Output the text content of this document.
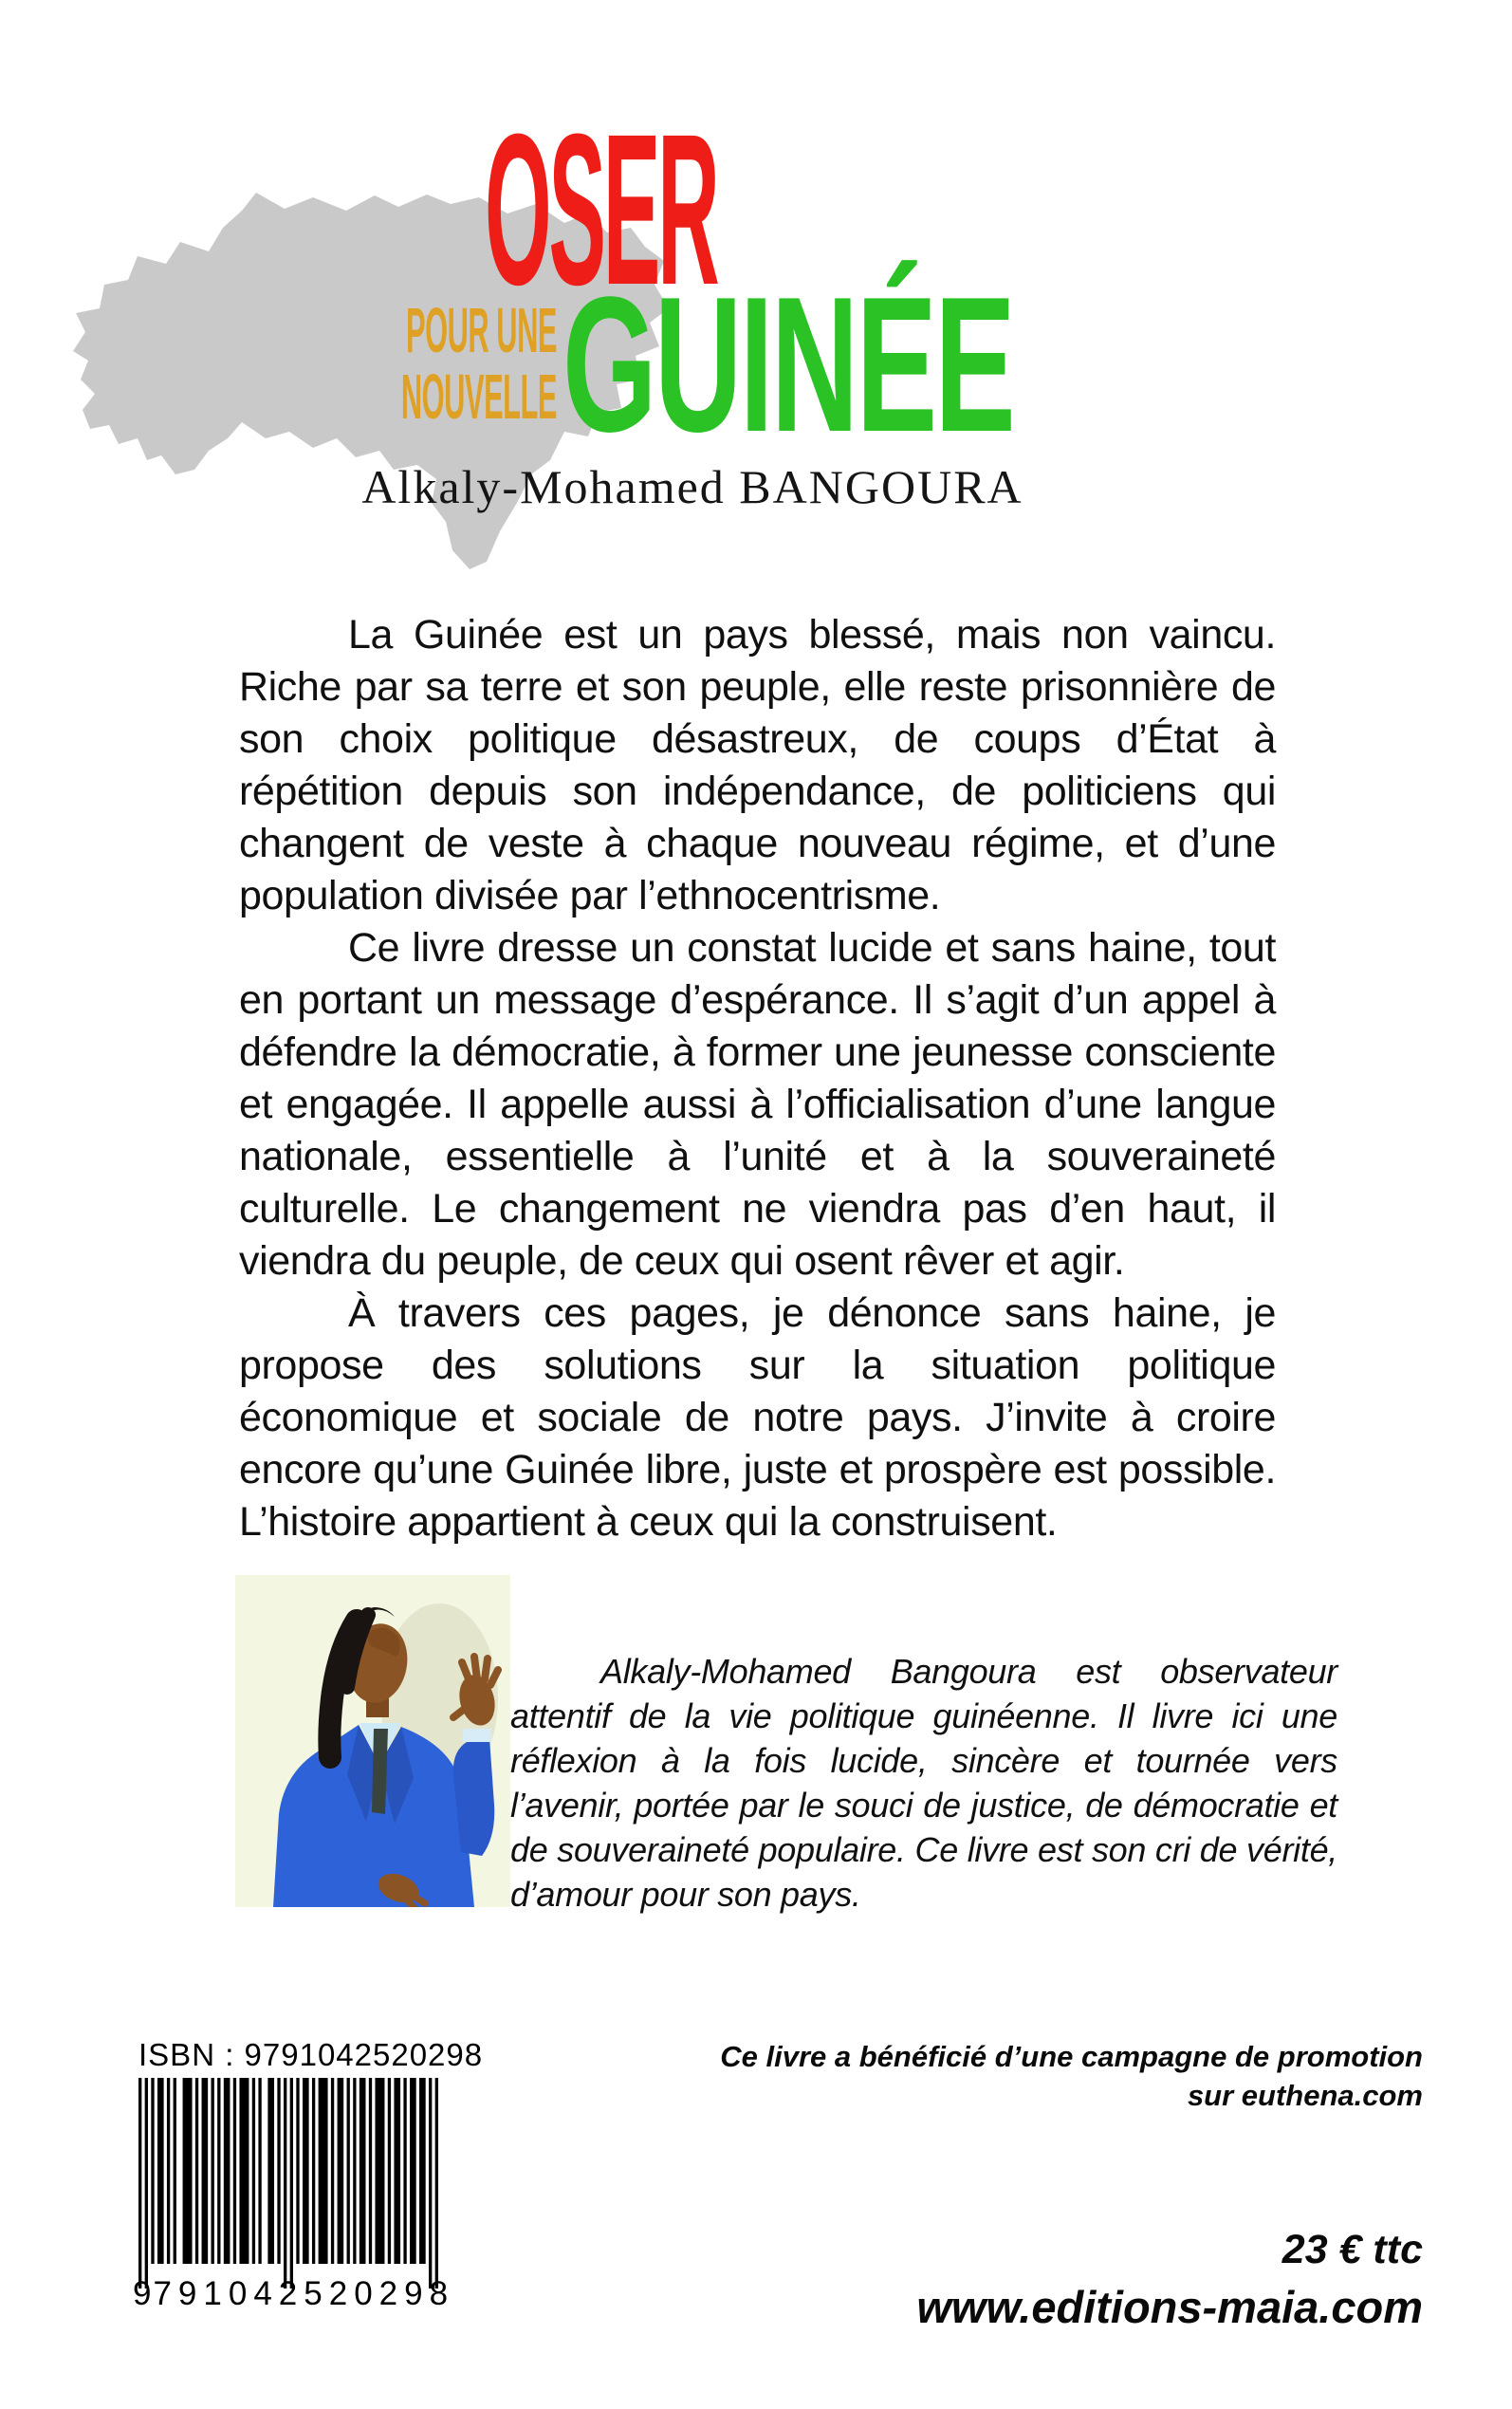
OSER
POUR UNE
NOUVELLE GUINÉE
Alkaly-Mohamed BANGOURA

La Guinée est un pays blessé, mais non vaincu. Riche par sa terre et son peuple, elle reste prisonnière de son choix politique désastreux, de coups d’État à répétition depuis son indépendance, de politiciens qui changent de veste à chaque nouveau régime, et d’une population divisée par l’ethnocentrisme.

Ce livre dresse un constat lucide et sans haine, tout en portant un message d’espérance. Il s’agit d’un appel à défendre la démocratie, à former une jeunesse consciente et engagée. Il appelle aussi à l’officialisation d’une langue nationale, essentielle à l’unité et à la souveraineté culturelle. Le changement ne viendra pas d’en haut, il viendra du peuple, de ceux qui osent rêver et agir.

À travers ces pages, je dénonce sans haine, je propose des solutions sur la situation politique économique et sociale de notre pays. J’invite à croire encore qu’une Guinée libre, juste et prospère est possible. L’histoire appartient à ceux qui la construisent.

Alkaly-Mohamed Bangoura est observateur attentif de la vie politique guinéenne. Il livre ici une réflexion à la fois lucide, sincère et tournée vers l’avenir, portée par le souci de justice, de démocratie et de souveraineté populaire. Ce livre est son cri de vérité, d’amour pour son pays.
ISBN : 9791042520298
9 791042 520298
Ce livre a bénéficié d’une campagne de promotion
sur euthena.com
23 € ttc
www.editions-maia.com
